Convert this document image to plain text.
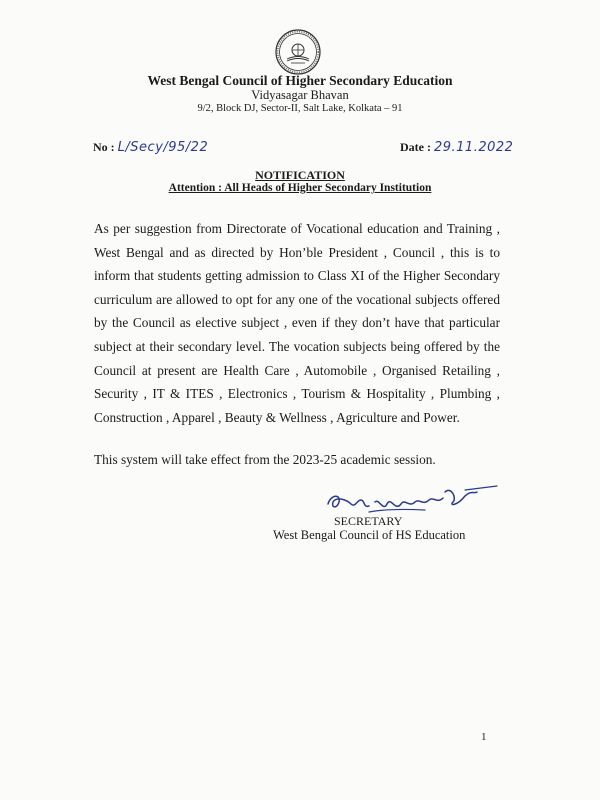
West Bengal Council of Higher Secondary Education
Vidyasagar Bhavan
9/2, Block DJ, Sector-II, Salt Lake, Kolkata – 91
No : L/Secy/95/22	Date : 29.11.2022
NOTIFICATION
Attention : All Heads of Higher Secondary Institution
As per suggestion from Directorate of Vocational education and Training , West Bengal and as directed by Hon’ble President , Council , this is to inform that students getting admission to Class XI of the Higher Secondary curriculum are allowed to opt for any one of the vocational subjects offered by the Council as elective subject , even if they don’t have that particular subject at their secondary level. The vocation subjects being offered by the Council at present are Health Care , Automobile , Organised Retailing , Security , IT & ITES , Electronics , Tourism & Hospitality , Plumbing , Construction , Apparel , Beauty & Wellness , Agriculture and Power.
This system will take effect from the 2023-25 academic session.
SECRETARY
West Bengal Council of HS Education
1
